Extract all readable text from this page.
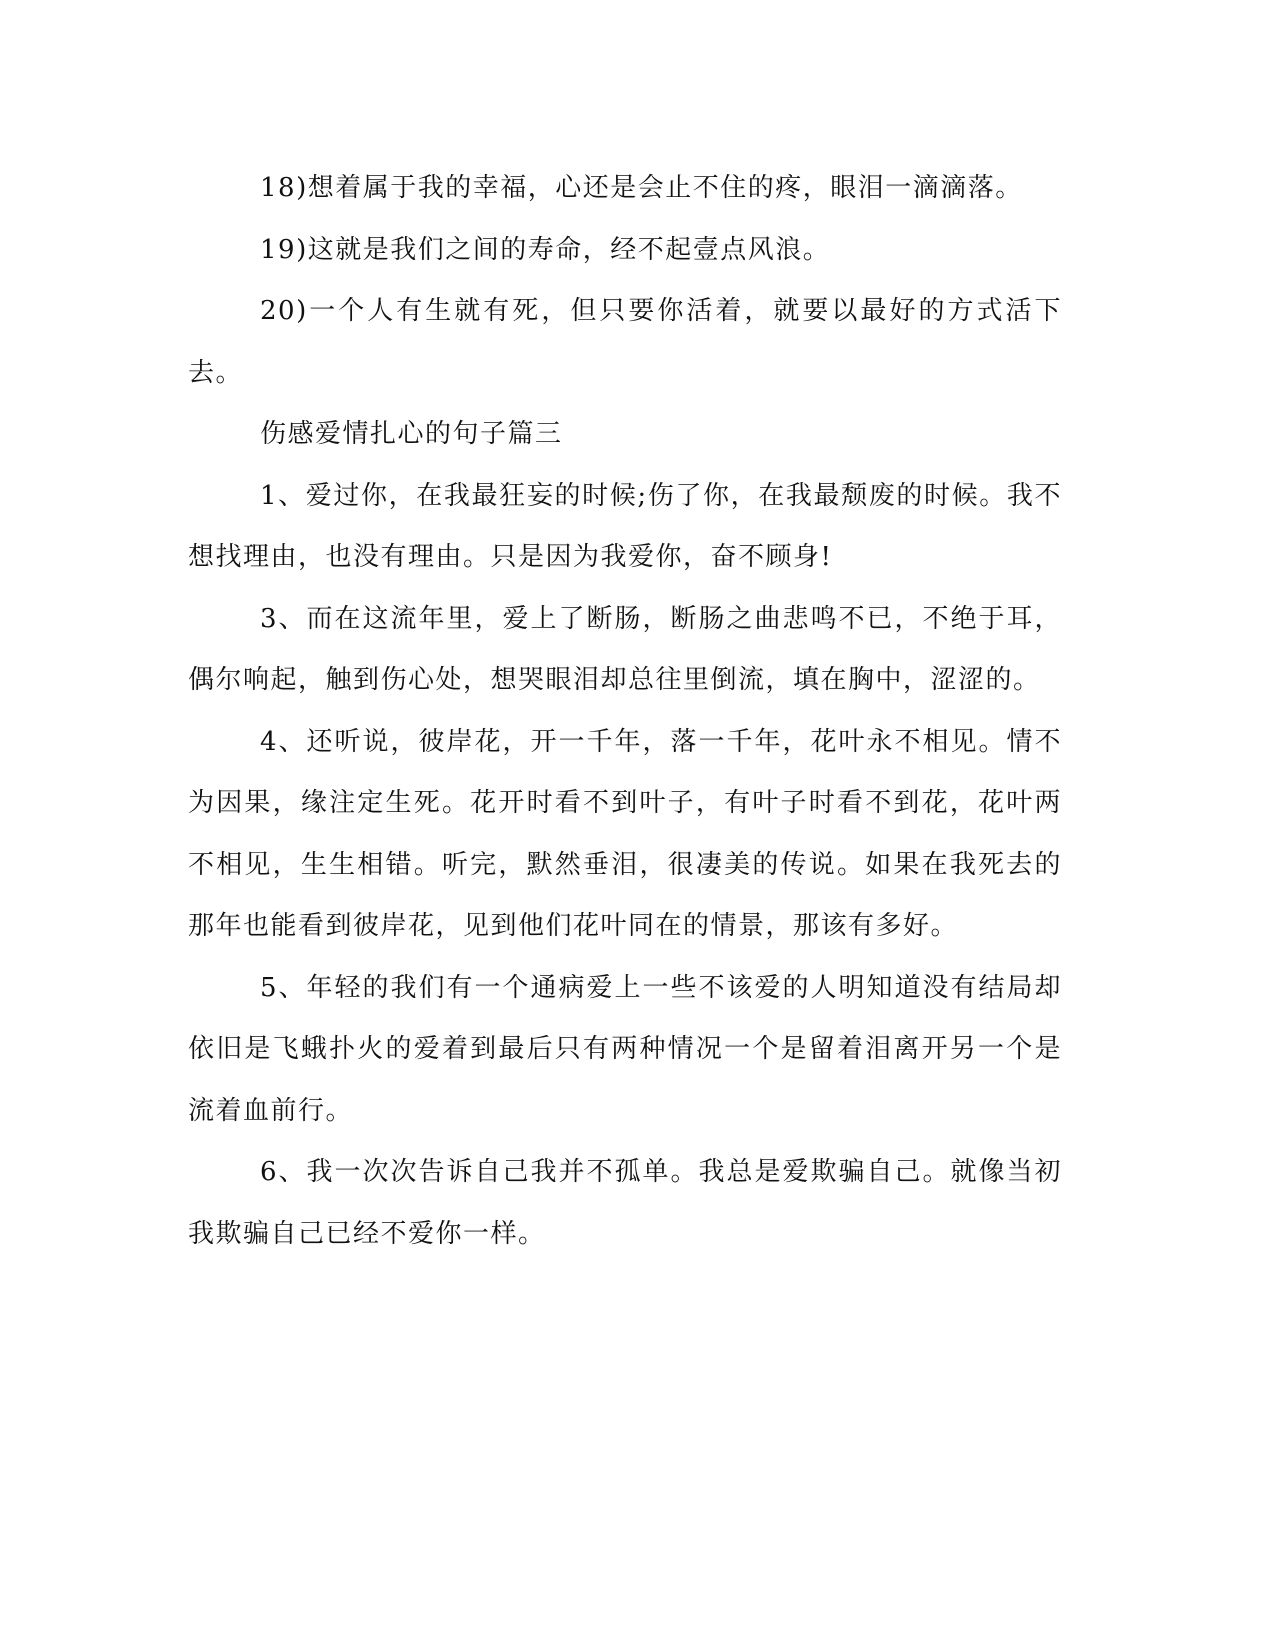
18)想着属于我的幸福，心还是会止不住的疼，眼泪一滴滴落。

19)这就是我们之间的寿命，经不起壹点风浪。

20)一个人有生就有死，但只要你活着，就要以最好的方式活下去。

伤感爱情扎心的句子篇三

1、爱过你，在我最狂妄的时候;伤了你，在我最颓废的时候。我不想找理由，也没有理由。只是因为我爱你，奋不顾身!

3、而在这流年里，爱上了断肠，断肠之曲悲鸣不已，不绝于耳，偶尔响起，触到伤心处，想哭眼泪却总往里倒流，填在胸中，涩涩的。

4、还听说，彼岸花，开一千年，落一千年，花叶永不相见。情不为因果，缘注定生死。花开时看不到叶子，有叶子时看不到花，花叶两不相见，生生相错。听完，默然垂泪，很凄美的传说。如果在我死去的那年也能看到彼岸花，见到他们花叶同在的情景，那该有多好。

5、年轻的我们有一个通病爱上一些不该爱的人明知道没有结局却依旧是飞蛾扑火的爱着到最后只有两种情况一个是留着泪离开另一个是流着血前行。

6、我一次次告诉自己我并不孤单。我总是爱欺骗自己。就像当初我欺骗自己已经不爱你一样。
